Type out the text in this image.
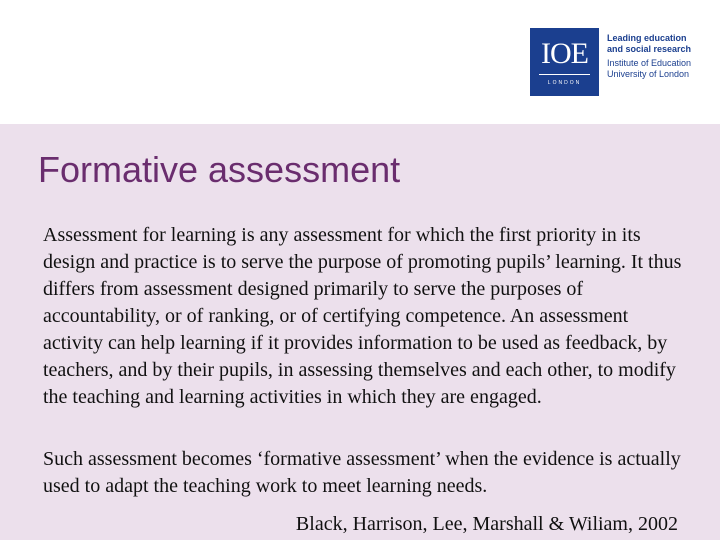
IOE
LONDON
Leading education
and social research
Institute of Education
University of London
Formative assessment

Assessment for learning is any assessment for which the first priority in its design and practice is to serve the purpose of promoting pupils’ learning. It thus differs from assessment designed primarily to serve the purposes of accountability, or of ranking, or of certifying competence. An assessment activity can help learning if it provides information to be used as feedback, by teachers, and by their pupils, in assessing themselves and each other, to modify the teaching and learning activities in which they are engaged.

Such assessment becomes ‘formative assessment’ when the evidence is actually used to adapt the teaching work to meet learning needs.

Black, Harrison, Lee, Marshall & Wiliam, 2002
